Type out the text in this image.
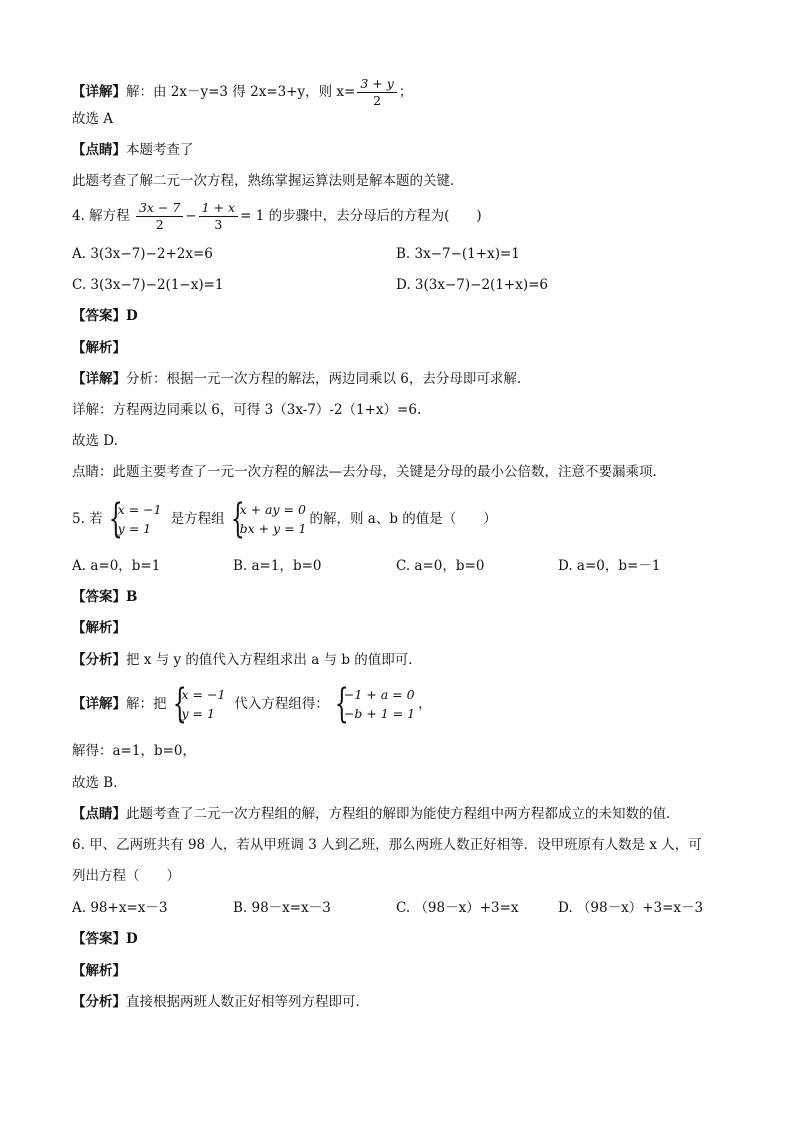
【详解】解：由 2x－y=3 得 2x=3+y，则 $x= \frac{3 + y}{2}$ ；
故选 A
【点睛】本题考查了
此题考查了解二元一次方程，熟练掌握运算法则是解本题的关键．
4. 解方程 $\frac{3x - 7}{2} - \frac{1 + x}{3} = 1$ 的步骤中，去分母后的方程为(　　)
A. 3(3x−7)−2+2x=6	B. 3x−7−(1+x)=1
C. 3(3x−7)−2(1−x)=1	D. 3(3x−7)−2(1+x)=6
【答案】D
【解析】
【详解】分析：根据一元一次方程的解法，两边同乘以 6，去分母即可求解.
详解：方程两边同乘以 6，可得 3（3x-7）-2（1+x）=6.
故选 D.
点睛：此题主要考查了一元一次方程的解法—去分母，关键是分母的最小公倍数，注意不要漏乘项.
5. 若 {
x = −1
y = 1
是方程组 {
x + ay = 0
bx + y = 1
的解，则 a、b 的值是（　　）
A. a=0，b=1	B. a=1，b=0	C. a=0，b=0	D. a=0，b=－1
【答案】B
【解析】
【分析】把 x 与 y 的值代入方程组求出 a 与 b 的值即可．
【详解】 解：把 {
x = −1
y = 1
代入方程组得： {
−1 + a = 0
−b + 1 = 1
，
解得：a=1，b=0，
故选 B．
【点睛】此题考查了二元一次方程组的解，方程组的解即为能使方程组中两方程都成立的未知数的值．
6. 甲、乙两班共有 98 人，若从甲班调 3 人到乙班，那么两班人数正好相等．设甲班原有人数是 x 人，可
列出方程（　　）
A. 98+x=x－3	B. 98－x=x－3	C. （98－x）+3=x	D. （98－x）+3=x－3
【答案】D
【解析】
【分析】直接根据两班人数正好相等列方程即可．
